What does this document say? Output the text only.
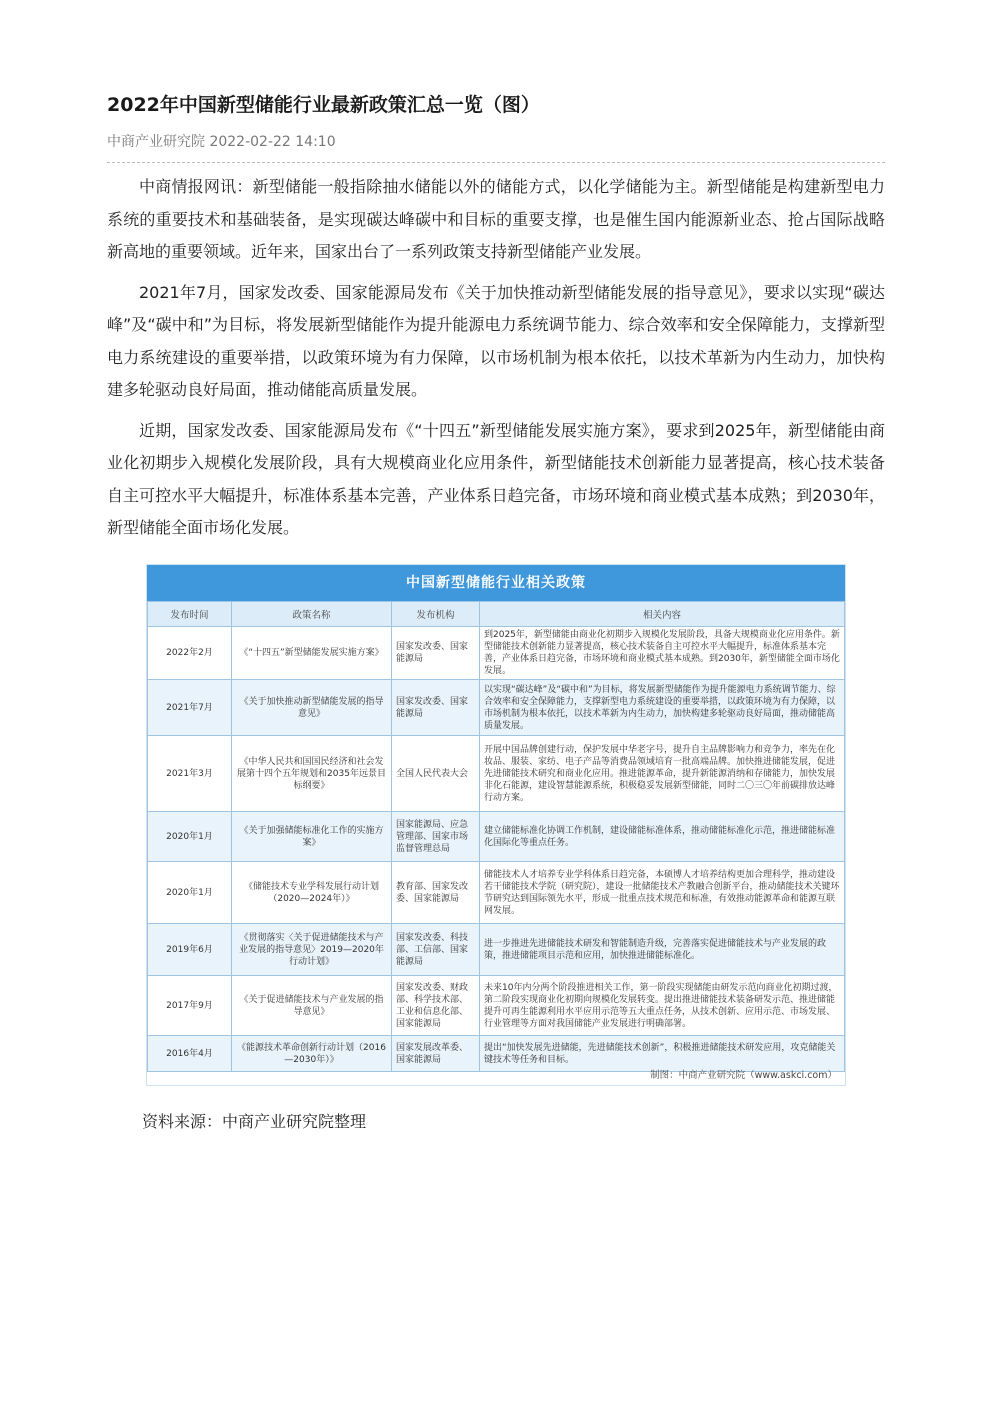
2022年中国新型储能行业最新政策汇总一览（图）
中商产业研究院 2022-02-22 14:10

中商情报网讯：新型储能一般指除抽水储能以外的储能方式，以化学储能为主。新型储能是构建新型电力系统的重要技术和基础装备，是实现碳达峰碳中和目标的重要支撑，也是催生国内能源新业态、抢占国际战略新高地的重要领域。近年来，国家出台了一系列政策支持新型储能产业发展。

2021年7月，国家发改委、国家能源局发布《关于加快推动新型储能发展的指导意见》，要求以实现“碳达峰”及“碳中和”为目标，将发展新型储能作为提升能源电力系统调节能力、综合效率和安全保障能力，支撑新型电力系统建设的重要举措，以政策环境为有力保障，以市场机制为根本依托，以技术革新为内生动力，加快构建多轮驱动良好局面，推动储能高质量发展。

近期，国家发改委、国家能源局发布《“十四五”新型储能发展实施方案》，要求到2025年，新型储能由商业化初期步入规模化发展阶段，具有大规模商业化应用条件，新型储能技术创新能力显著提高，核心技术装备自主可控水平大幅提升，标准体系基本完善，产业体系日趋完备，市场环境和商业模式基本成熟；到2030年，新型储能全面市场化发展。

中国新型储能行业相关政策
发布时间	政策名称	发布机构	相关内容
2022年2月	《“十四五”新型储能发展实施方案》	国家发改委、国家能源局	到2025年，新型储能由商业化初期步入规模化发展阶段，具备大规模商业化应用条件。新型储能技术创新能力显著提高，核心技术装备自主可控水平大幅提升，标准体系基本完善，产业体系日趋完备，市场环境和商业模式基本成熟。到2030年，新型储能全面市场化发展。
2021年7月	《关于加快推动新型储能发展的指导意见》	国家发改委、国家能源局	以实现“碳达峰”及“碳中和”为目标，将发展新型储能作为提升能源电力系统调节能力、综合效率和安全保障能力，支撑新型电力系统建设的重要举措，以政策环境为有力保障，以市场机制为根本依托，以技术革新为内生动力，加快构建多轮驱动良好局面，推动储能高质量发展。
2021年3月	《中华人民共和国国民经济和社会发展第十四个五年规划和2035年远景目标纲要》	全国人民代表大会	开展中国品牌创建行动，保护发展中华老字号，提升自主品牌影响力和竞争力，率先在化妆品、服装、家纺、电子产品等消费品领域培育一批高端品牌。加快推进储能发展，促进先进储能技术研究和商业化应用。推进能源革命，提升新能源消纳和存储能力，加快发展非化石能源，建设智慧能源系统，积极稳妥发展新型储能，同时二〇三〇年前碳排放达峰行动方案。
2020年1月	《关于加强储能标准化工作的实施方案》	国家能源局、应急管理部、国家市场监督管理总局	建立储能标准化协调工作机制，建设储能标准体系，推动储能标准化示范，推进储能标准化国际化等重点任务。
2020年1月	《储能技术专业学科发展行动计划（2020—2024年）》	教育部、国家发改委、国家能源局	储能技术人才培养专业学科体系日趋完备，本硕博人才培养结构更加合理科学，推动建设若干储能技术学院（研究院），建设一批储能技术产教融合创新平台，推动储能技术关键环节研究达到国际领先水平，形成一批重点技术规范和标准，有效推动能源革命和能源互联网发展。
2019年6月	《贯彻落实〈关于促进储能技术与产业发展的指导意见〉2019—2020年行动计划》	国家发改委、科技部、工信部、国家能源局	进一步推进先进储能技术研发和智能制造升级，完善落实促进储能技术与产业发展的政策，推进储能项目示范和应用，加快推进储能标准化。
2017年9月	《关于促进储能技术与产业发展的指导意见》	国家发改委、财政部、科学技术部、工业和信息化部、国家能源局	未来10年内分两个阶段推进相关工作，第一阶段实现储能由研发示范向商业化初期过渡，第二阶段实现商业化初期向规模化发展转变。提出推进储能技术装备研发示范、推进储能提升可再生能源利用水平应用示范等五大重点任务，从技术创新、应用示范、市场发展、行业管理等方面对我国储能产业发展进行明确部署。
2016年4月	《能源技术革命创新行动计划（2016—2030年）》	国家发展改革委、国家能源局	提出“加快发展先进储能，先进储能技术创新”，积极推进储能技术研发应用，攻克储能关键技术等任务和目标。
制图：中商产业研究院（www.askci.com）
资料来源：中商产业研究院整理
